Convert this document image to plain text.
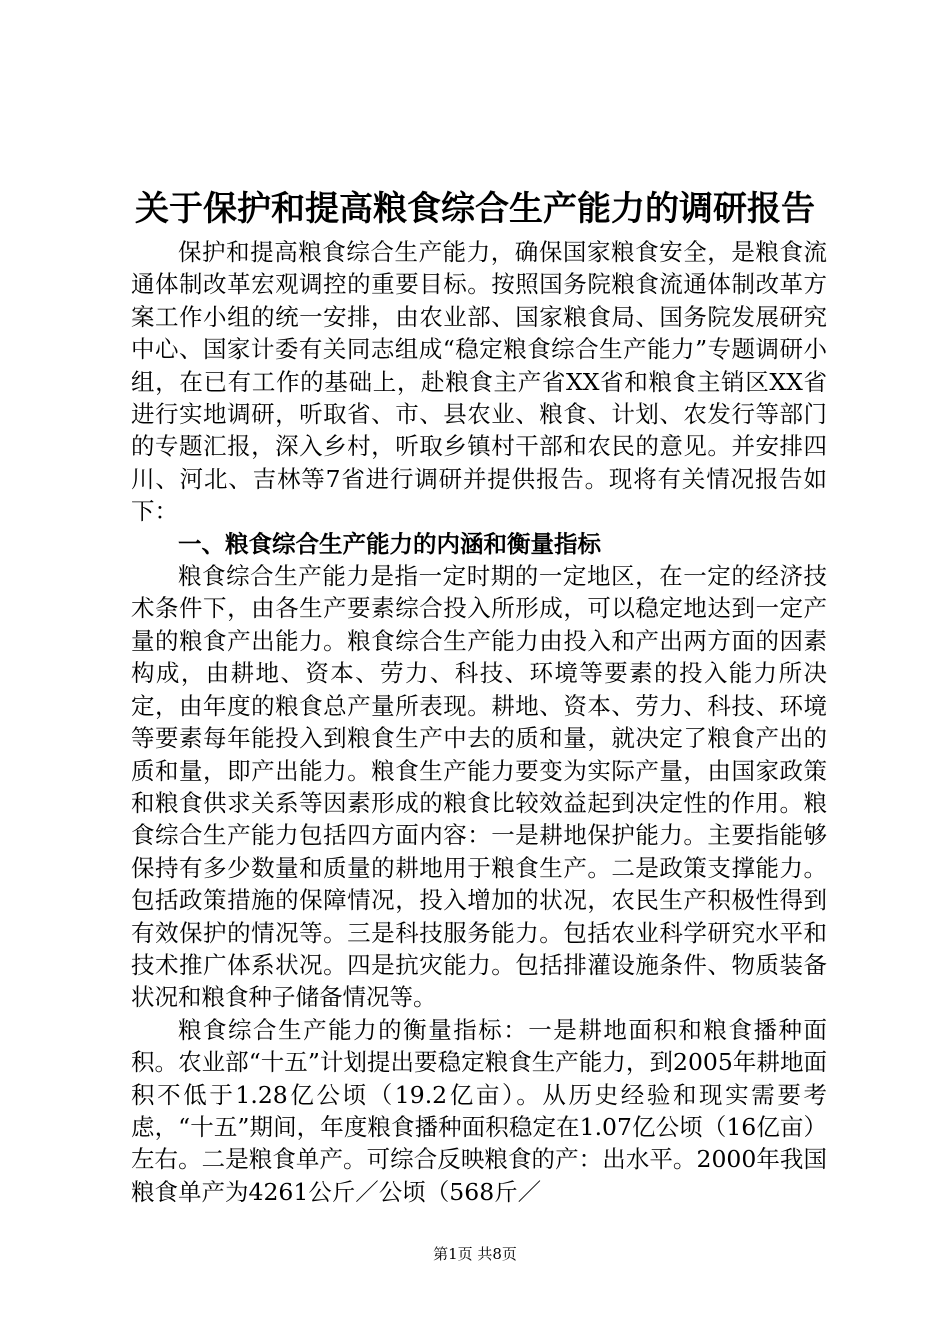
关于保护和提高粮食综合生产能力的调研报告

保护和提高粮食综合生产能力，确保国家粮食安全，是粮食流通体制改革宏观调控的重要目标。按照国务院粮食流通体制改革方案工作小组的统一安排，由农业部、国家粮食局、国务院发展研究中心、国家计委有关同志组成“稳定粮食综合生产能力”专题调研小组，在已有工作的基础上，赴粮食主产省XX省和粮食主销区XX省进行实地调研，听取省、市、县农业、粮食、计划、农发行等部门的专题汇报，深入乡村，听取乡镇村干部和农民的意见。并安排四川、河北、吉林等7省进行调研并提供报告。现将有关情况报告如下：

一、粮食综合生产能力的内涵和衡量指标

粮食综合生产能力是指一定时期的一定地区，在一定的经济技术条件下，由各生产要素综合投入所形成，可以稳定地达到一定产量的粮食产出能力。粮食综合生产能力由投入和产出两方面的因素构成，由耕地、资本、劳力、科技、环境等要素的投入能力所决定，由年度的粮食总产量所表现。耕地、资本、劳力、科技、环境等要素每年能投入到粮食生产中去的质和量，就决定了粮食产出的质和量，即产出能力。粮食生产能力要变为实际产量，由国家政策和粮食供求关系等因素形成的粮食比较效益起到决定性的作用。粮食综合生产能力包括四方面内容：一是耕地保护能力。主要指能够保持有多少数量和质量的耕地用于粮食生产。二是政策支撑能力。包括政策措施的保障情况，投入增加的状况，农民生产积极性得到有效保护的情况等。三是科技服务能力。包括农业科学研究水平和技术推广体系状况。四是抗灾能力。包括排灌设施条件、物质装备状况和粮食种子储备情况等。

粮食综合生产能力的衡量指标：一是耕地面积和粮食播种面积。农业部“十五”计划提出要稳定粮食生产能力，到2005年耕地面积不低于1.28亿公顷（19.2亿亩）。从历史经验和现实需要考虑，“十五”期间，年度粮食播种面积稳定在1.07亿公顷（16亿亩）左右。二是粮食单产。可综合反映粮食的产：出水平。2000年我国粮食单产为4261公斤／公顷（568斤／

第1页 共8页
